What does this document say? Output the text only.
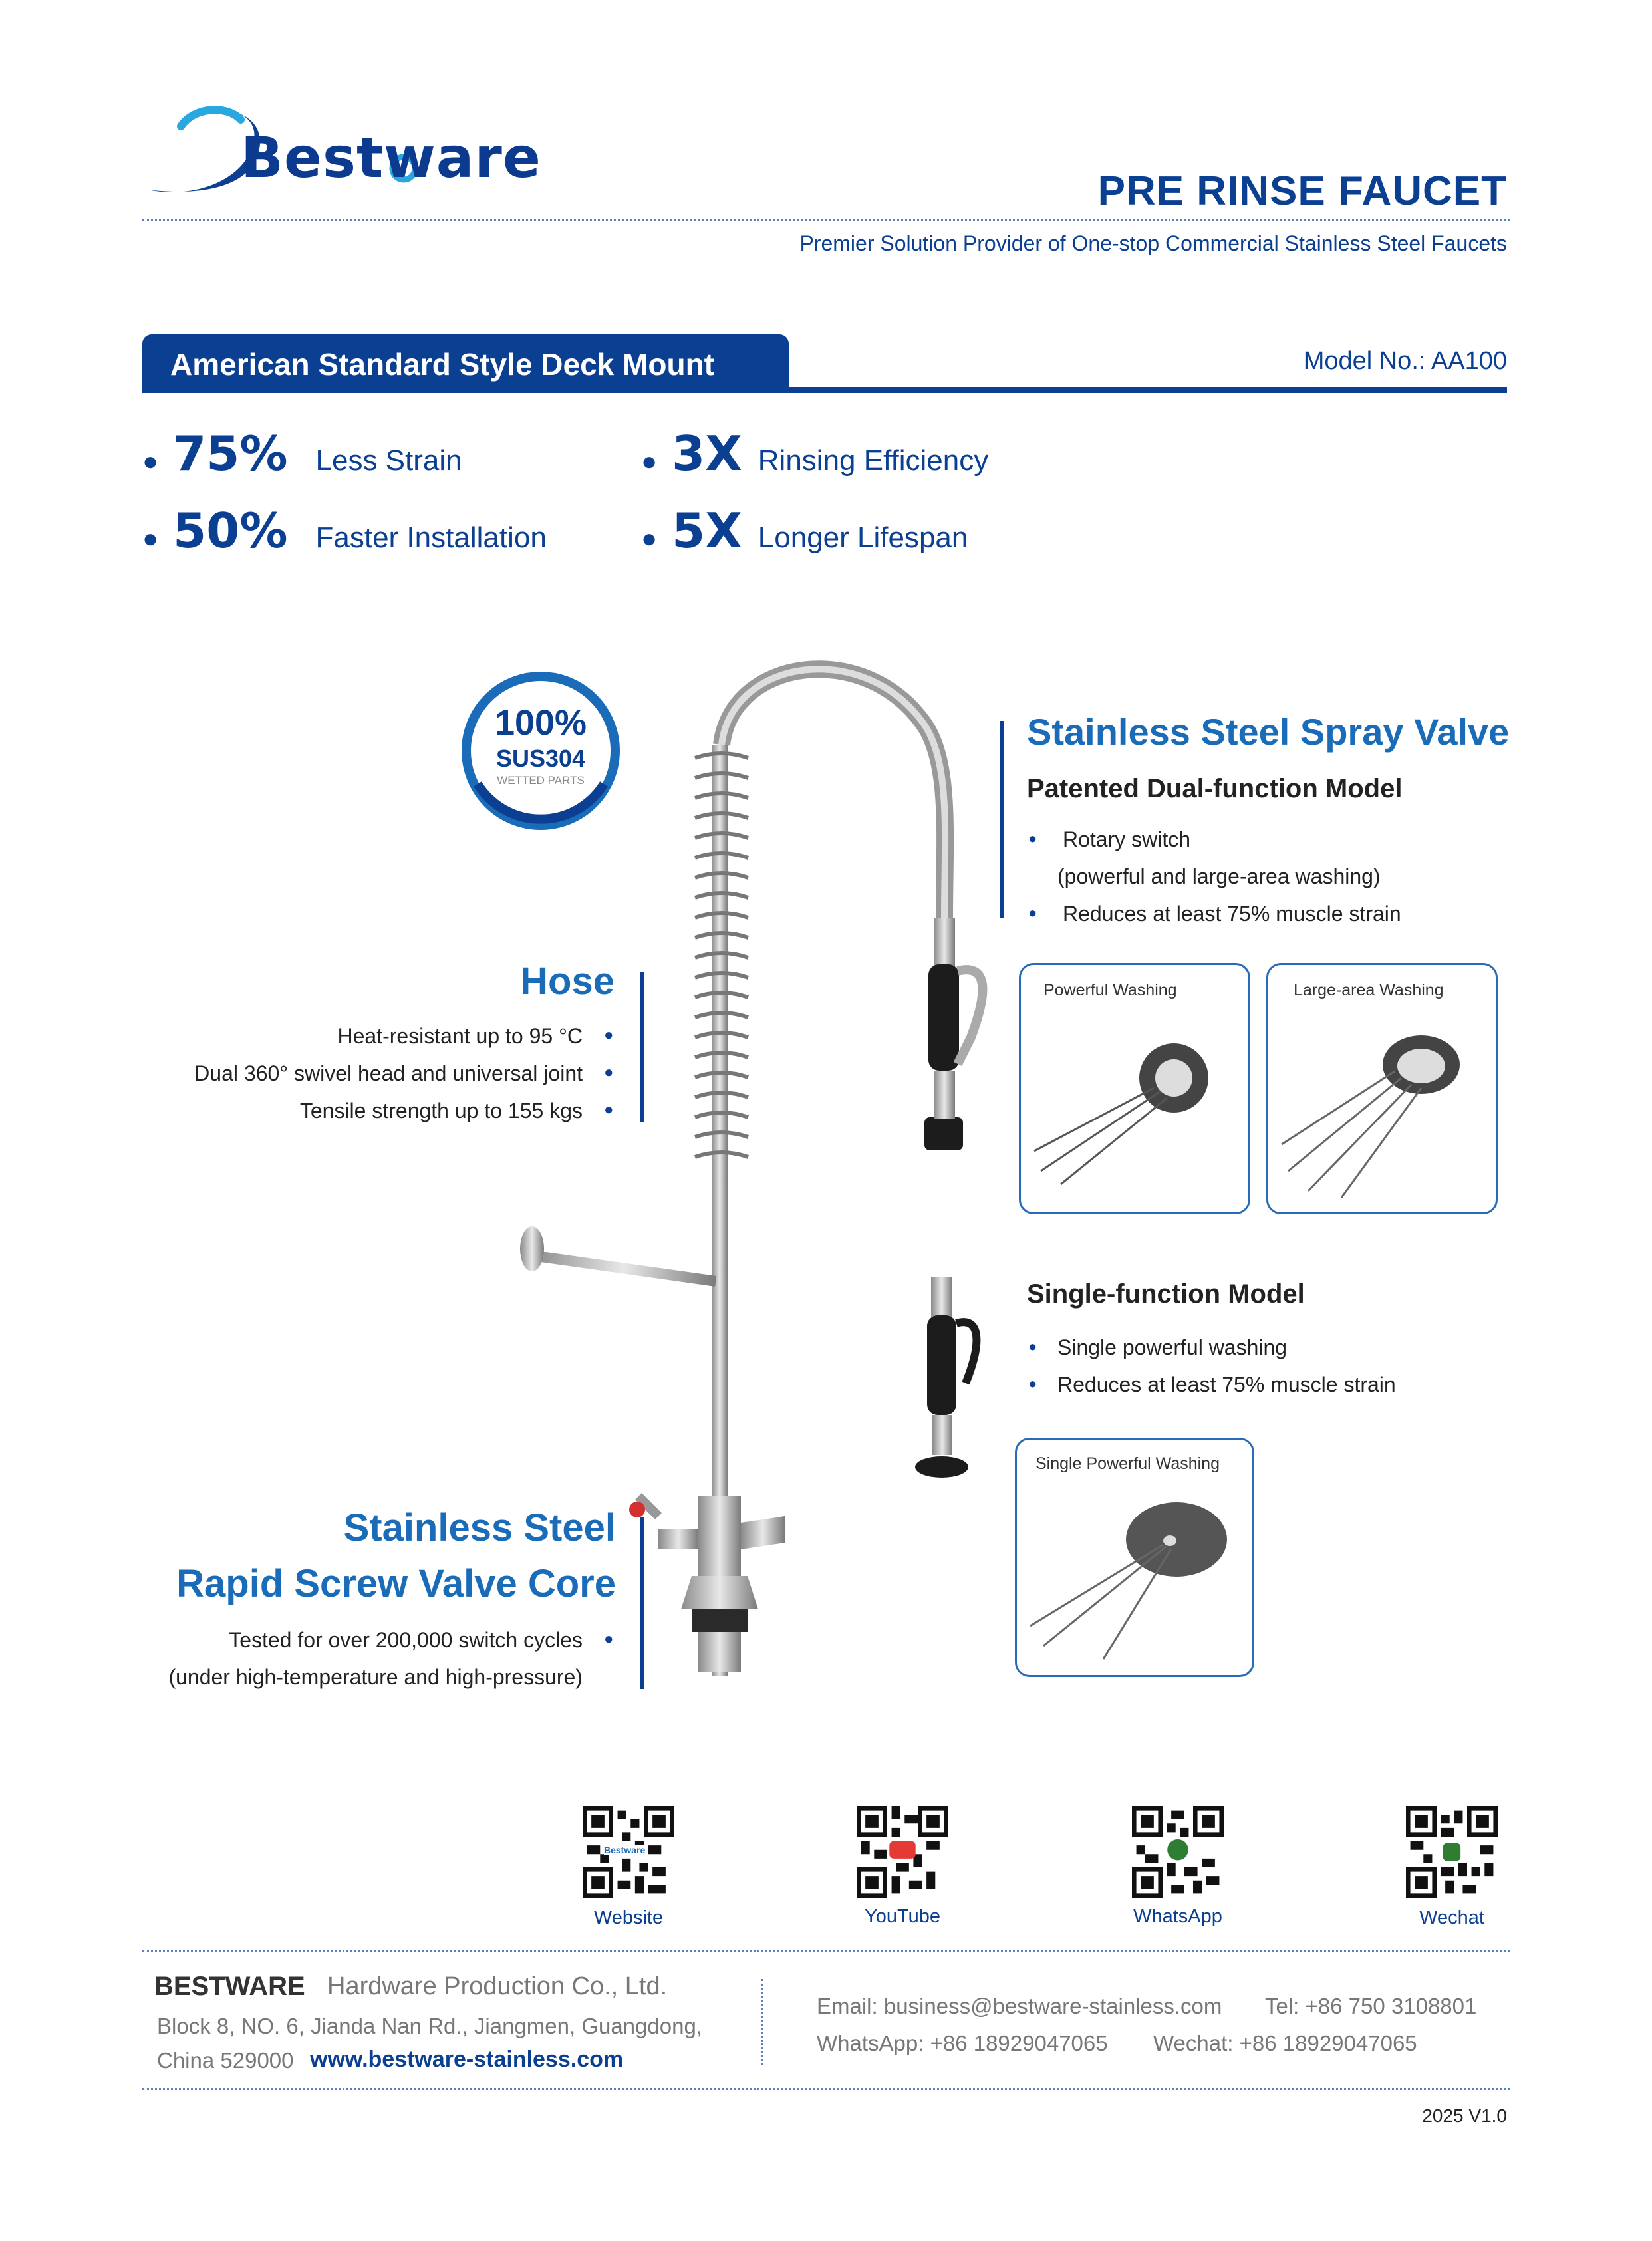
Bestware
PRE RINSE FAUCET
Premier Solution Provider of One-stop Commercial Stainless Steel Faucets
American Standard Style Deck Mount	Model No.: AA100
● 75% Less Strain	● 3X Rinsing Efficiency
● 50% Faster Installation	● 5X Longer Lifespan
100%
SUS304
WETTED PARTS
Hose
Heat-resistant up to 95 °C
Dual 360° swivel head and universal joint
Tensile strength up to 155 kgs
●
●
●
Stainless Steel
Rapid Screw Valve Core
Tested for over 200,000 switch cycles
(under high-temperature and high-pressure)
●
Stainless Steel Spray Valve
Patented Dual-function Model
● Rotary switch
(powerful and large-area washing)
● Reduces at least 75% muscle strain
Powerful Washing	Large-area Washing
Single-function Model
● Single powerful washing
● Reduces at least 75% muscle strain
Single Powerful Washing
Bestware
Website	YouTube	WhatsApp	Wechat
BESTWARE Hardware Production Co., Ltd.
Block 8, NO. 6, Jianda Nan Rd., Jiangmen, Guangdong,
China 529000 www.bestware-stainless.com
Email: business@bestware-stainless.com Tel: +86 750 3108801
WhatsApp: +86 18929047065 Wechat: +86 18929047065
2025 V1.0
